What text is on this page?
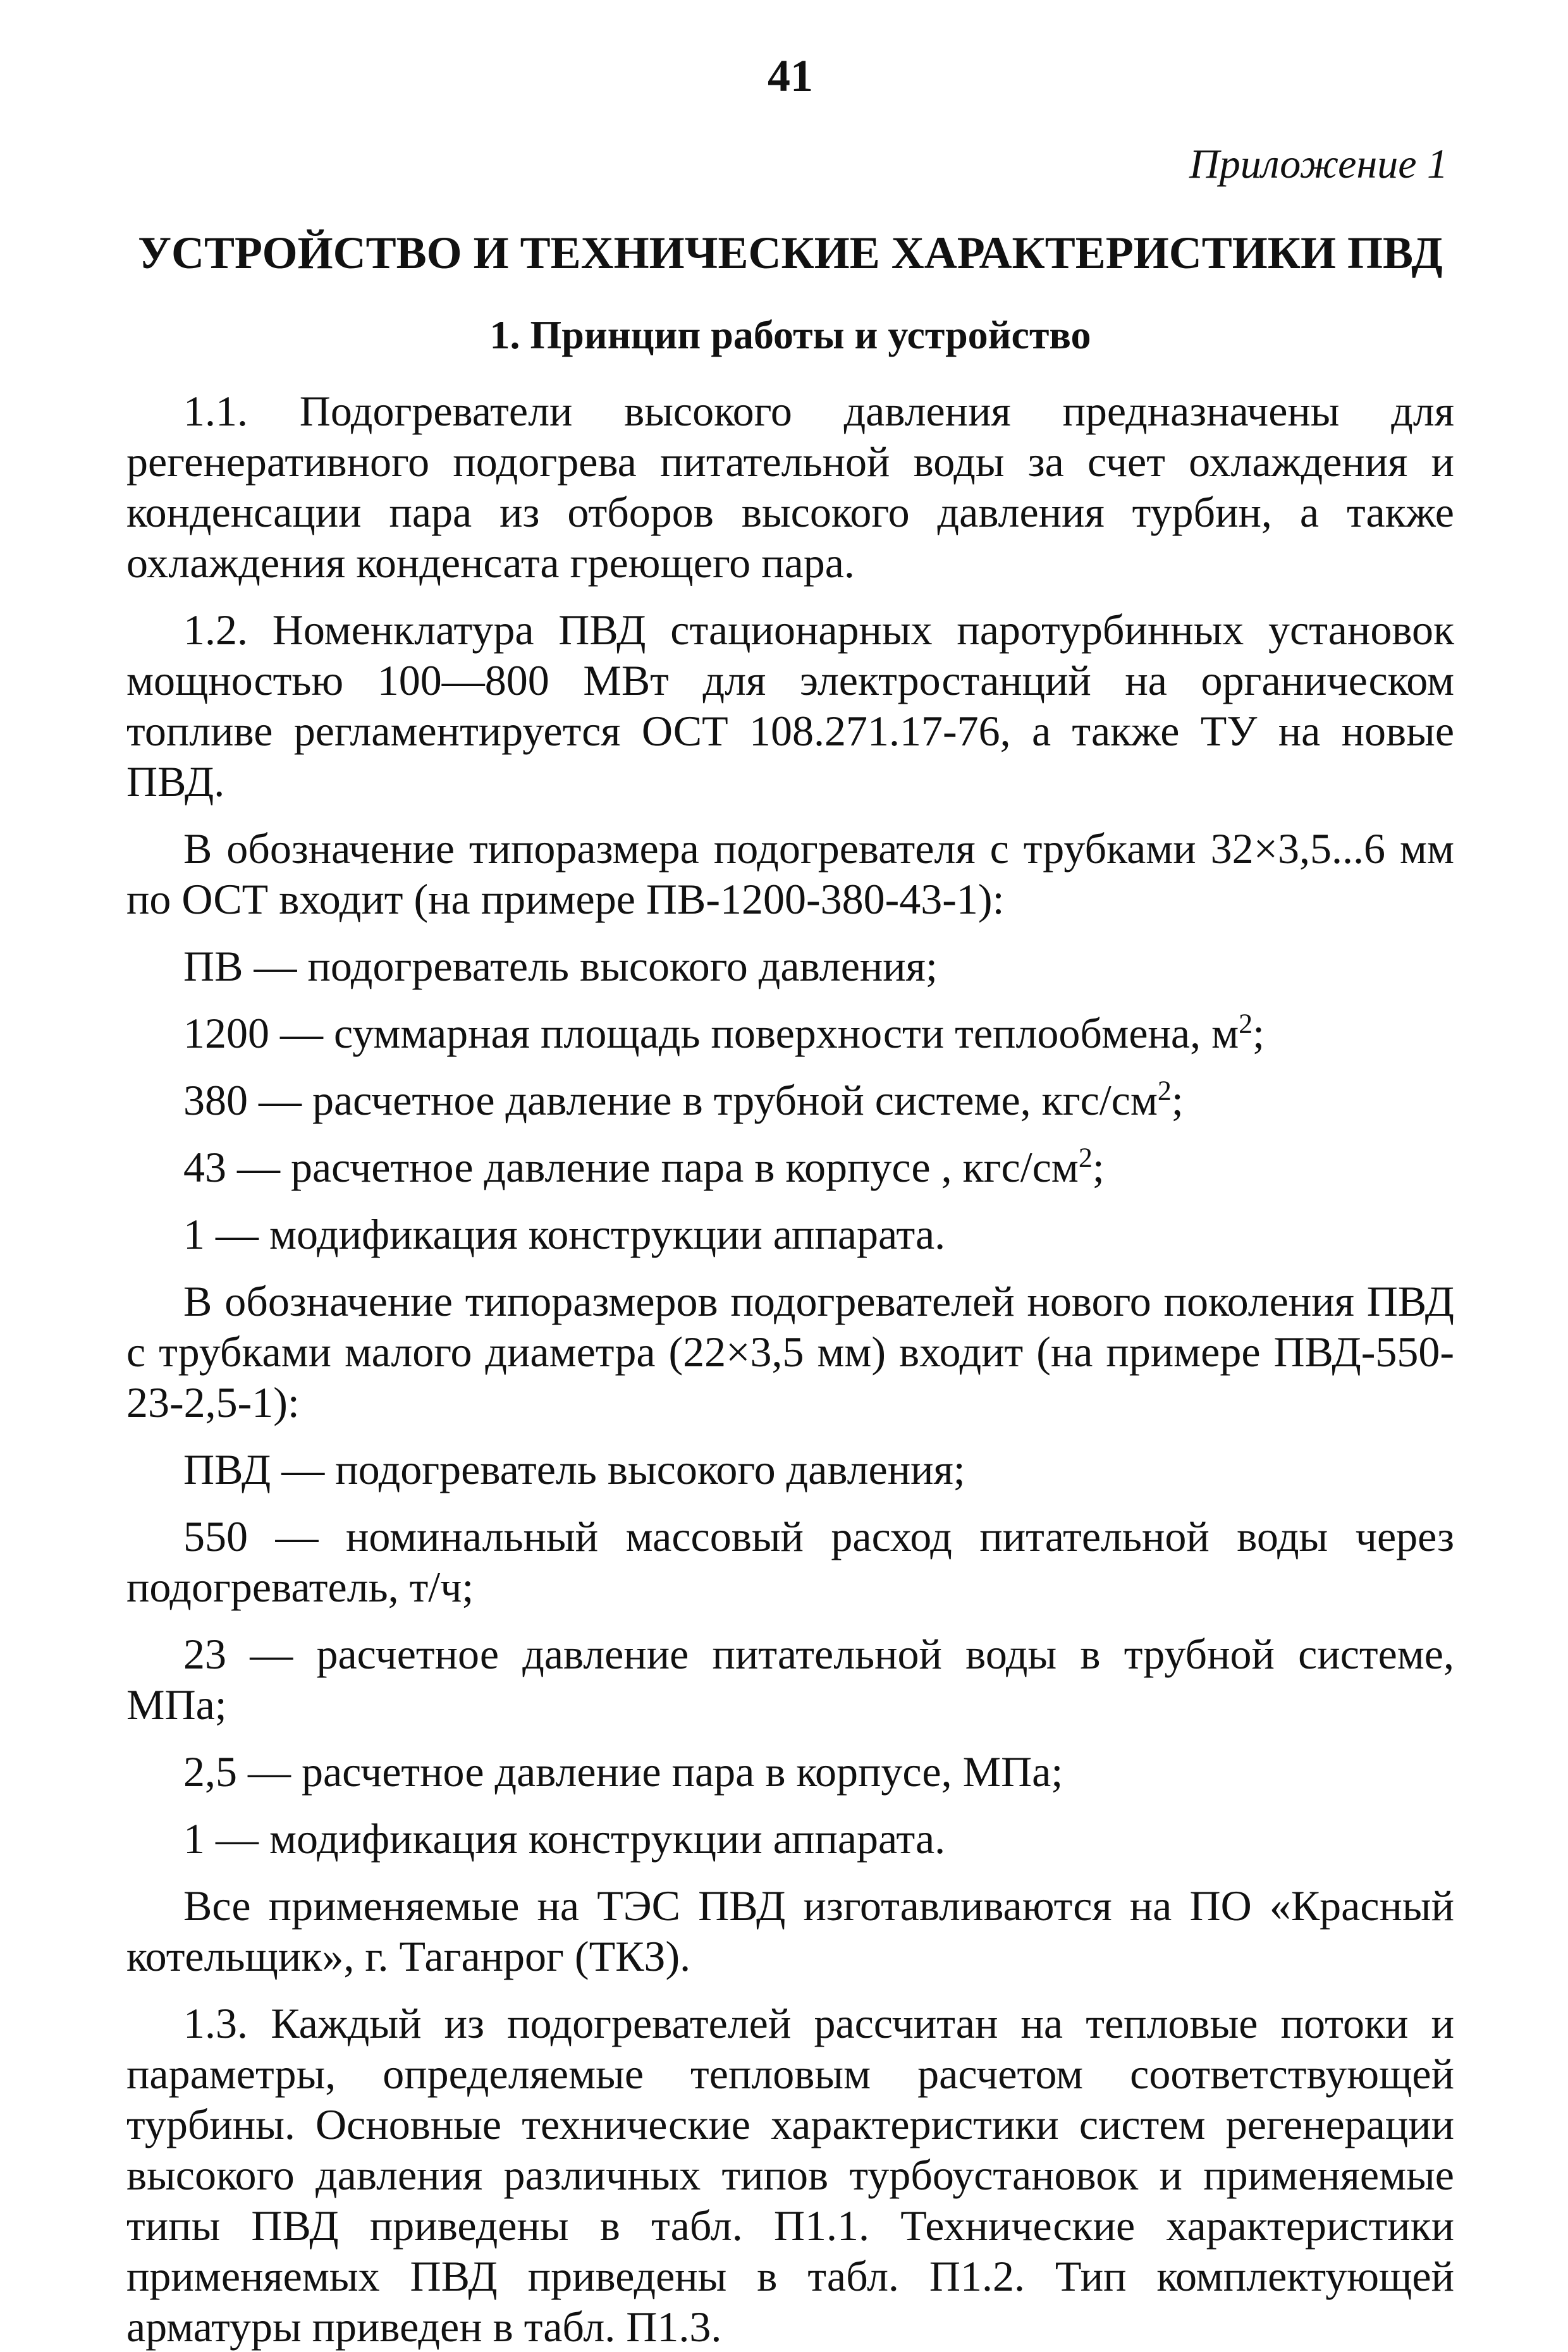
41
Приложение 1
УСТРОЙСТВО И ТЕХНИЧЕСКИЕ ХАРАКТЕРИСТИКИ ПВД
1. Принцип работы и устройство

1.1. Подогреватели высокого давления предназначены для регенеративного подогрева питательной воды за счет охлаждения и конденсации пара из отборов высокого давления турбин, а также охлаждения конденсата греющего пара.

1.2. Номенклатура ПВД стационарных паротурбинных установок мощностью 100—800 МВт для электростанций на органическом топливе регламентируется ОСТ 108.271.17-76, а также ТУ на новые ПВД.

В обозначение типоразмера подогревателя с трубками 32×3,5...6 мм по ОСТ входит (на примере ПВ-1200-380-43-1):

ПВ — подогреватель высокого давления;
1200 — суммарная площадь поверхности теплообмена, $м^2$;
380 — расчетное давление в трубной системе, кгс/$см^2$;
43 — расчетное давление пара в корпусе , кгс/$см^2$;
1 — модификация конструкции аппарата.

В обозначение типоразмеров подогревателей нового поколения ПВД с трубками малого диаметра (22×3,5 мм) входит (на примере ПВД-550-23-2,5-1):

ПВД — подогреватель высокого давления;
550 — номинальный массовый расход питательной воды через подогреватель, т/ч;
23 — расчетное давление питательной воды в трубной системе, МПа;
2,5 — расчетное давление пара в корпусе, МПа;
1 — модификация конструкции аппарата.

Все применяемые на ТЭС ПВД изготавливаются на ПО «Красный котельщик», г. Таганрог (ТКЗ).

1.3. Каждый из подогревателей рассчитан на тепловые потоки и параметры, определяемые тепловым расчетом соответствующей турбины. Основные технические характеристики систем регенерации высокого давления различных типов турбоустановок и применяемые типы ПВД приведены в табл. П1.1. Технические характеристики применяемых ПВД приведены в табл. П1.2. Тип комплектующей арматуры приведен в табл. П1.3.
